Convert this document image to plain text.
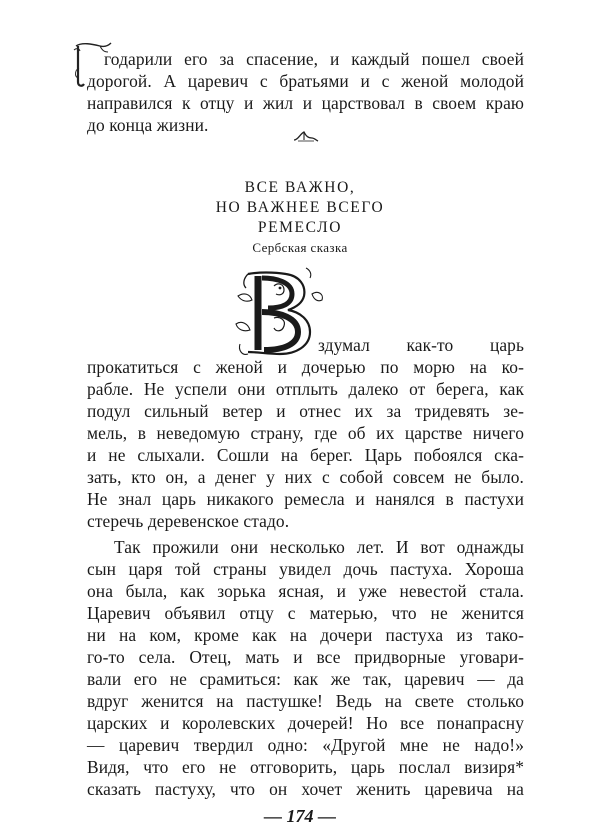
годарили его за спасение, и каждый пошел своей
дорогой. А царевич с братьями и с женой молодой
направился к отцу и жил и царствовал в своем краю
до конца жизни.
ВСЕ ВАЖНО,
НО ВАЖНЕЕ ВСЕГО
РЕМЕСЛО
Сербская сказка
здумал как-то царь
прокатиться с женой и дочерью по морю на ко-
рабле. Не успели они отплыть далеко от берега, как
подул сильный ветер и отнес их за тридевять зе-
мель, в неведомую страну, где об их царстве ничего
и не слыхали. Сошли на берег. Царь побоялся ска-
зать, кто он, а денег у них с собой совсем не было.
Не знал царь никакого ремесла и нанялся в пастухи
стеречь деревенское стадо.
Так прожили они несколько лет. И вот однажды
сын царя той страны увидел дочь пастуха. Хороша
она была, как зорька ясная, и уже невестой стала.
Царевич объявил отцу с матерью, что не женится
ни на ком, кроме как на дочери пастуха из тако-
го-то села. Отец, мать и все придворные уговари-
вали его не срамиться: как же так, царевич — да
вдруг женится на пастушке! Ведь на свете столько
царских и королевских дочерей! Но все понапрасну
— царевич твердил одно: «Другой мне не надо!»
Видя, что его не отговорить, царь послал визиря*
сказать пастуху, что он хочет женить царевича на
— 174 —
